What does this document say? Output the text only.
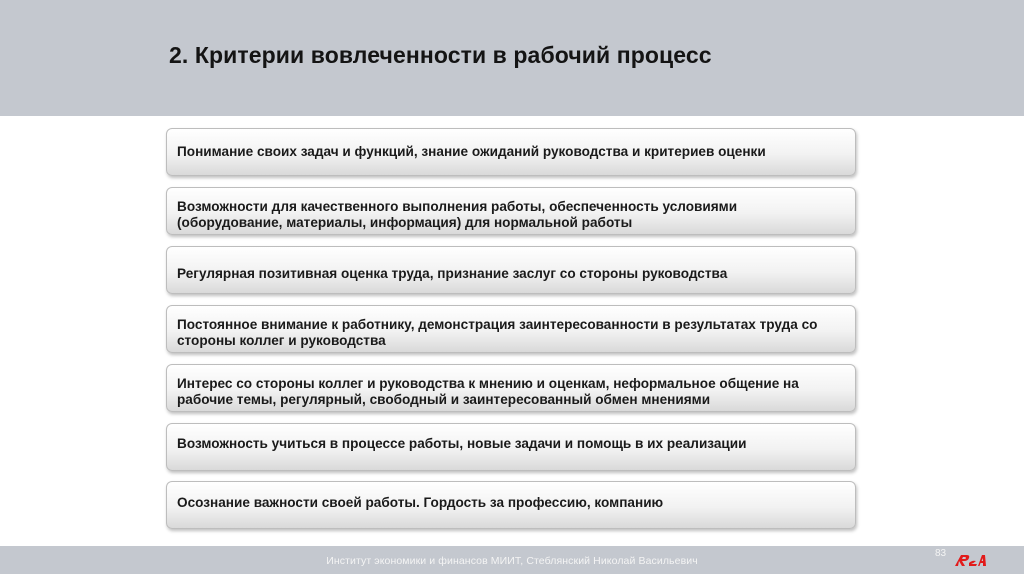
2. Критерии вовлеченности в рабочий процесс
Понимание своих задач и функций, знание ожиданий руководства и критериев оценки
Возможности для качественного выполнения работы, обеспеченность условиями (оборудование, материалы, информация) для нормальной работы
Регулярная позитивная оценка труда, признание заслуг со стороны руководства
Постоянное внимание к работнику, демонстрация заинтересованности в результатах труда со стороны коллег и руководства
Интерес со стороны коллег и руководства к мнению и оценкам, неформальное общение на рабочие темы, регулярный, свободный и заинтересованный обмен мнениями
Возможность учиться в процессе работы, новые задачи и помощь в их реализации
Осознание важности своей работы. Гордость за профессию, компанию
Институт экономики и финансов МИИТ, Стеблянский Николай Васильевич
83
